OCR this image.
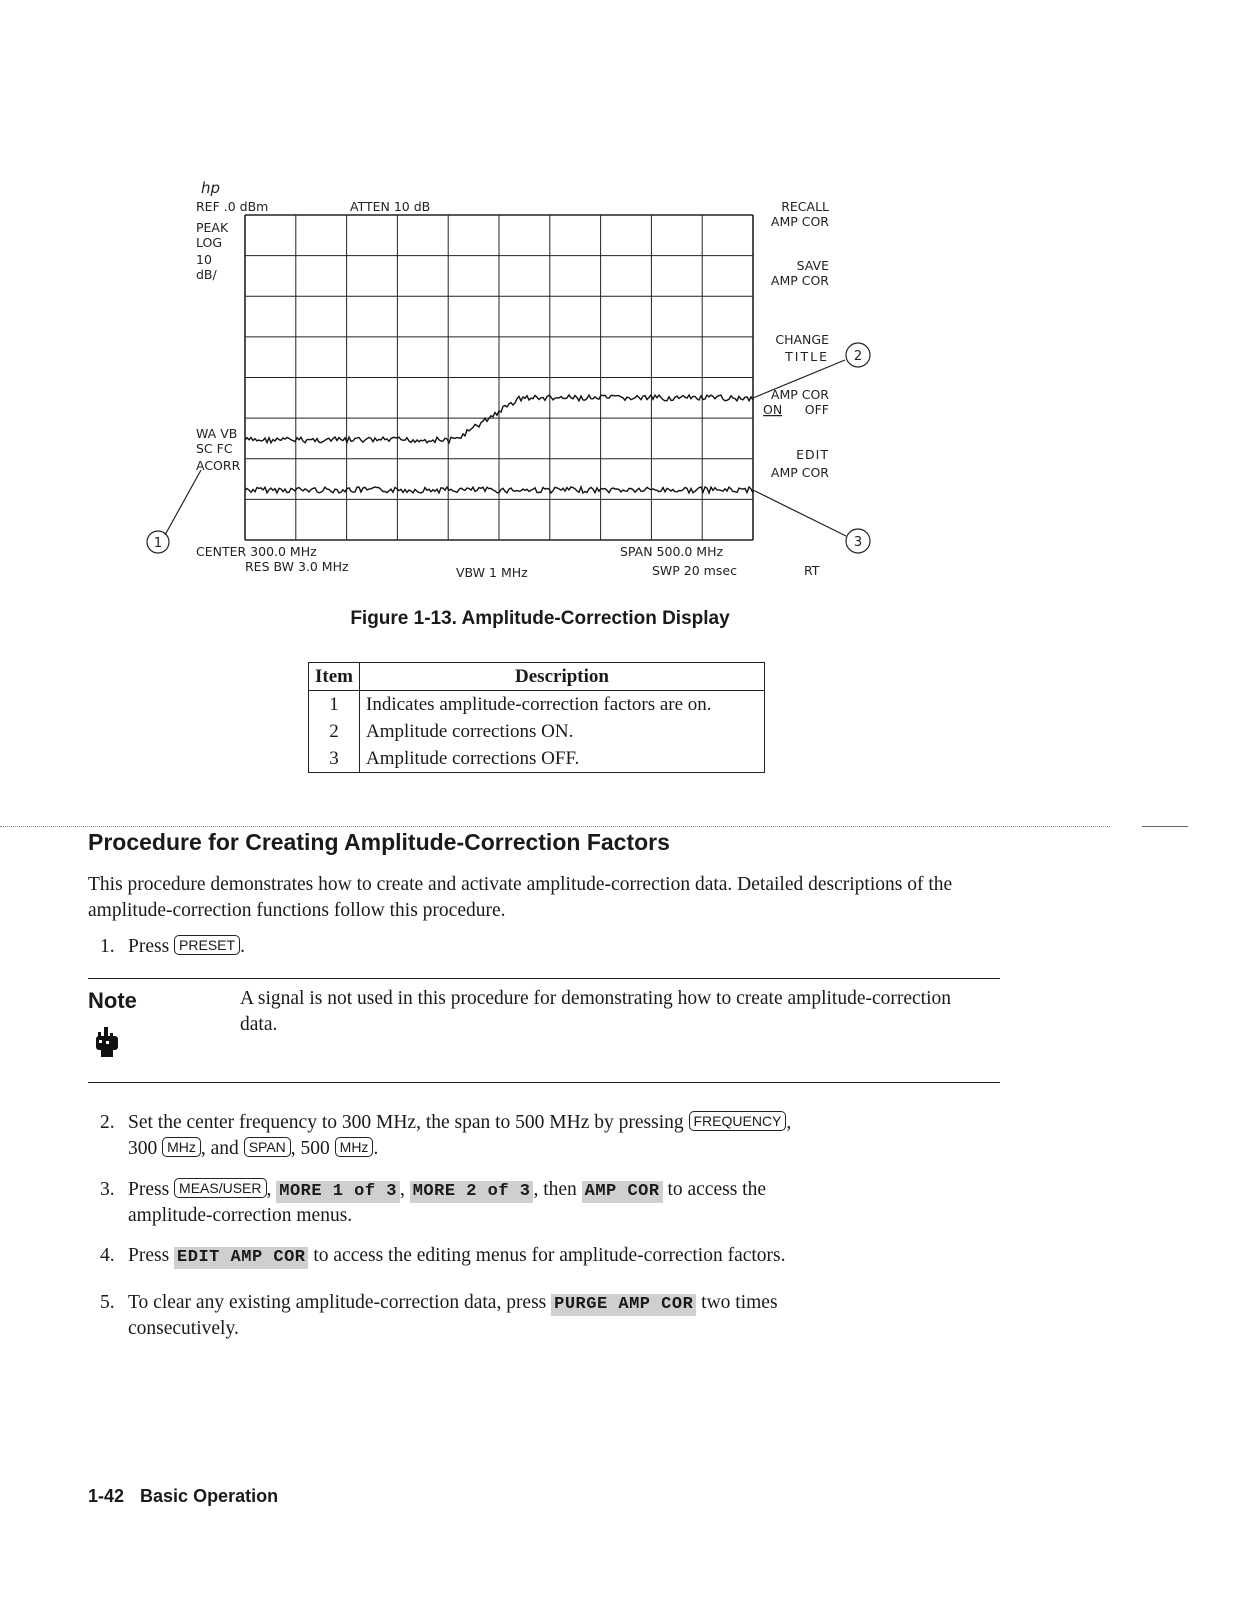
hp
REF .0 dBm	ATTEN 10 dB
PEAK
LOG
10
dB/
WA VB
SC FC
ACORR
RECALL
AMP COR
SAVE
AMP COR
CHANGE
TITLE
AMP COR
ON OFF
EDIT
AMP COR
CENTER 300.0 MHz
RES BW 3.0 MHz	VBW 1 MHz
SPAN 500.0 MHz
SWP 20 msec	RT
1
2
3
Figure 1-13. Amplitude-Correction Display
Item	Description
1	Indicates amplitude-correction factors are on.
2	Amplitude corrections ON.
3	Amplitude corrections OFF.
Procedure for Creating Amplitude-Correction Factors
This procedure demonstrates how to create and activate amplitude-correction data. Detailed descriptions of the amplitude-correction functions follow this procedure.
1. Press PRESET .
Note	A signal is not used in this procedure for demonstrating how to create amplitude-correction data.
2. Set the center frequency to 300 MHz, the span to 500 MHz by pressing FREQUENCY ,
300 MHz , and SPAN , 500 MHz .
3. Press MEAS/USER , MORE 1 of 3 , MORE 2 of 3 , then AMP COR to access the
amplitude-correction menus.
4. Press EDIT AMP COR to access the editing menus for amplitude-correction factors.
5. To clear any existing amplitude-correction data, press PURGE AMP COR two times
consecutively.
1-42 Basic Operation
